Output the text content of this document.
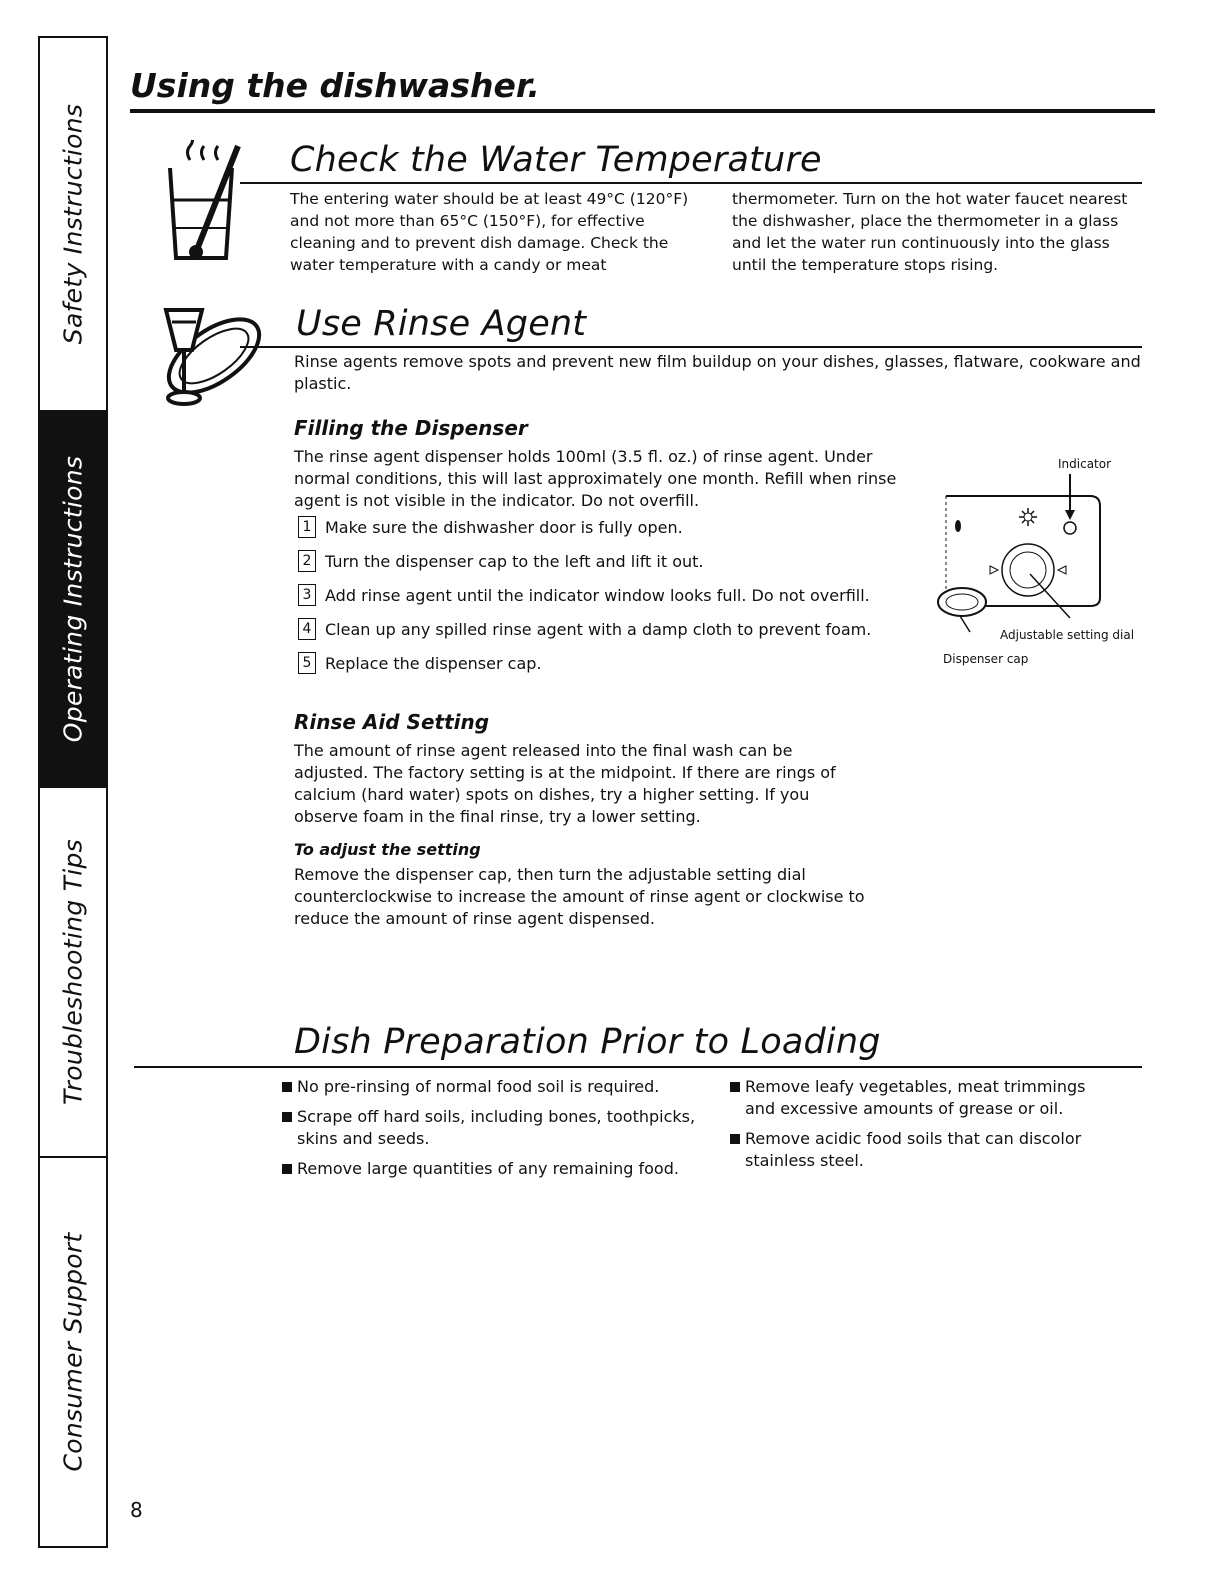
Safety Instructions
Operating Instructions
Troubleshooting Tips
Consumer Support
Using the dishwasher.
Check the Water Temperature
The entering water should be at least 49°C (120°F) and not more than 65°C (150°F), for effective cleaning and to prevent dish damage. Check the water temperature with a candy or meat
thermometer. Turn on the hot water faucet nearest the dishwasher, place the thermometer in a glass and let the water run continuously into the glass until the temperature stops rising.
Use Rinse Agent
Rinse agents remove spots and prevent new film buildup on your dishes, glasses, flatware, cookware and plastic.
Filling the Dispenser
The rinse agent dispenser holds 100ml (3.5 fl. oz.) of rinse agent. Under normal conditions, this will last approximately one month. Refill when rinse agent is not visible in the indicator. Do not overfill.
1 Make sure the dishwasher door is fully open.
2 Turn the dispenser cap to the left and lift it out.
3 Add rinse agent until the indicator window looks full. Do not overfill.
4 Clean up any spilled rinse agent with a damp cloth to prevent foam.
5 Replace the dispenser cap.
Indicator
Adjustable setting dial
Dispenser cap
Rinse Aid Setting
The amount of rinse agent released into the final wash can be adjusted. The factory setting is at the midpoint. If there are rings of calcium (hard water) spots on dishes, try a higher setting. If you observe foam in the final rinse, try a lower setting.
To adjust the setting
Remove the dispenser cap, then turn the adjustable setting dial counterclockwise to increase the amount of rinse agent or clockwise to reduce the amount of rinse agent dispensed.
Dish Preparation Prior to Loading
No pre-rinsing of normal food soil is required.
Scrape off hard soils, including bones, toothpicks, skins and seeds.
Remove large quantities of any remaining food.
Remove leafy vegetables, meat trimmings and excessive amounts of grease or oil.
Remove acidic food soils that can discolor stainless steel.
8
